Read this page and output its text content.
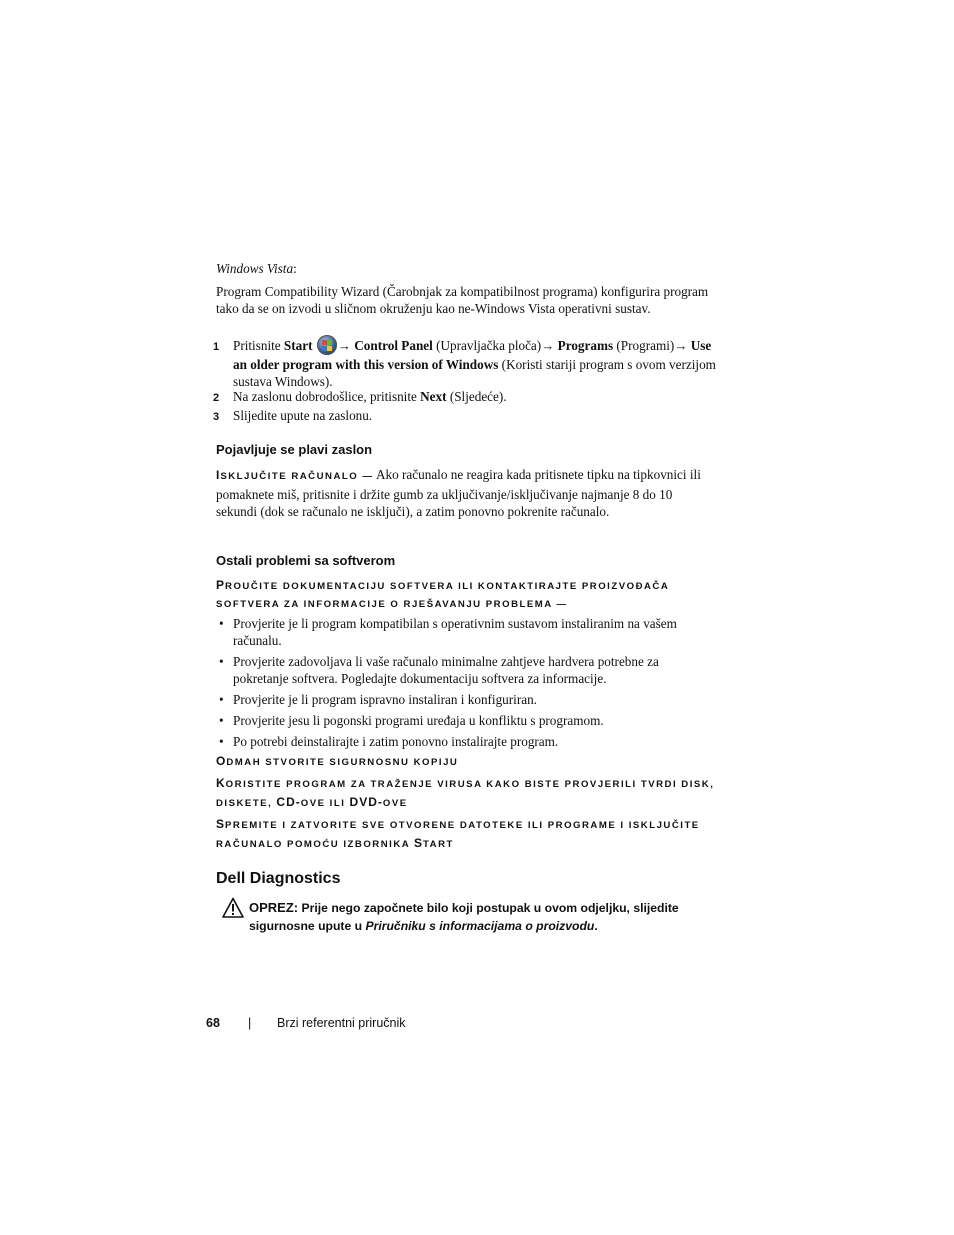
Windows Vista:
Program Compatibility Wizard (Čarobnjak za kompatibilnost programa) konfigurira program tako da se on izvodi u sličnom okruženju kao ne-Windows Vista operativni sustav.
1 Pritisnite Start → Control Panel (Upravljačka ploča)→ Programs (Programi)→ Use an older program with this version of Windows (Koristi stariji program s ovom verzijom sustava Windows).
2 Na zaslonu dobrodošlice, pritisnite Next (Sljedeće).
3 Slijedite upute na zaslonu.
Pojavljuje se plavi zaslon
ISKLJUČITE RAČUNALO — Ako računalo ne reagira kada pritisnete tipku na tipkovnici ili pomaknete miš, pritisnite i držite gumb za uključivanje/isključivanje najmanje 8 do 10 sekundi (dok se računalo ne isključi), a zatim ponovno pokrenite računalo.
Ostali problemi sa softverom
PROUČITE DOKUMENTACIJU SOFTVERA ILI KONTAKTIRAJTE PROIZVOĐAČA SOFTVERA ZA INFORMACIJE O RJEŠAVANJU PROBLEMA —
• Provjerite je li program kompatibilan s operativnim sustavom instaliranim na vašem računalu.
• Provjerite zadovoljava li vaše računalo minimalne zahtjeve hardvera potrebne za pokretanje softvera. Pogledajte dokumentaciju softvera za informacije.
• Provjerite je li program ispravno instaliran i konfiguriran.
• Provjerite jesu li pogonski programi uređaja u konfliktu s programom.
• Po potrebi deinstalirajte i zatim ponovno instalirajte program.
ODMAH STVORITE SIGURNOSNU KOPIJU
KORISTITE PROGRAM ZA TRAŽENJE VIRUSA KAKO BISTE PROVJERILI TVRDI DISK, DISKETE, CD-OVE ILI DVD-OVE
SPREMITE I ZATVORITE SVE OTVORENE DATOTEKE ILI PROGRAME I ISKLJUČITE RAČUNALO POMOĆU IZBORNIKA START
Dell Diagnostics
OPREZ: Prije nego započnete bilo koji postupak u ovom odjeljku, slijedite sigurnosne upute u Priručniku s informacijama o proizvodu.
68 | Brzi referentni priručnik
